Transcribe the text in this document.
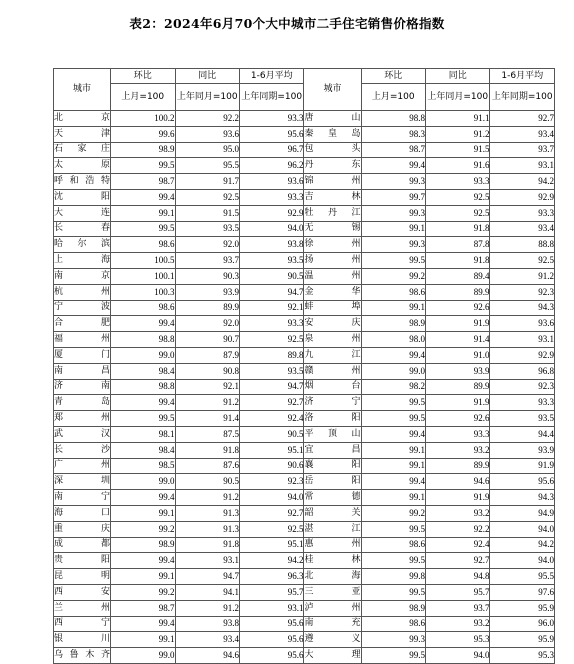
表2：2024年6月70个大中城市二手住宅销售价格指数
城市	环比	同比	1-6月平均	城市	环比	同比	1-6月平均
	上月=100	上年同月=100	上年同期=100		上月=100	上年同月=100	上年同期=100
北　京	100.2	92.2	93.3	唐　山	98.8	91.1	92.7
天　津	99.6	93.6	95.6	秦皇岛	98.3	91.2	93.4
石家庄	98.9	95.0	96.7	包　头	98.7	91.5	93.7
太　原	99.5	95.5	96.2	丹　东	99.4	91.6	93.1
呼和浩特	98.7	91.7	93.6	锦　州	99.3	93.3	94.2
沈　阳	99.4	92.5	93.3	吉　林	99.7	92.5	92.9
大　连	99.1	91.5	92.9	牡丹江	99.3	92.5	93.3
长　春	99.5	93.5	94.0	无　锡	99.1	91.8	93.4
哈尔滨	98.6	92.0	93.8	徐　州	99.3	87.8	88.8
上　海	100.5	93.7	93.5	扬　州	99.5	91.8	92.5
南　京	100.1	90.3	90.5	温　州	99.2	89.4	91.2
杭　州	100.3	93.9	94.7	金　华	98.6	89.9	92.3
宁　波	98.6	89.9	92.1	蚌　埠	99.1	92.6	94.3
合　肥	99.4	92.0	93.3	安　庆	98.9	91.9	93.6
福　州	98.8	90.7	92.5	泉　州	98.0	91.4	93.1
厦　门	99.0	87.9	89.8	九　江	99.4	91.0	92.9
南　昌	98.4	90.8	93.5	赣　州	99.0	93.9	96.8
济　南	98.8	92.1	94.7	烟　台	98.2	89.9	92.3
青　岛	99.4	91.2	92.7	济　宁	99.5	91.9	93.3
郑　州	99.5	91.4	92.4	洛　阳	99.5	92.6	93.5
武　汉	98.1	87.5	90.5	平顶山	99.4	93.3	94.4
长　沙	98.4	91.8	95.1	宜　昌	99.1	93.2	93.9
广　州	98.5	87.6	90.6	襄　阳	99.1	89.9	91.9
深　圳	99.0	90.5	92.3	岳　阳	99.4	94.6	95.6
南　宁	99.4	91.2	94.0	常　德	99.1	91.9	94.3
海　口	99.1	91.3	92.7	韶　关	99.2	93.2	94.9
重　庆	99.2	91.3	92.5	湛　江	99.5	92.2	94.0
成　都	98.9	91.8	95.1	惠　州	98.6	92.4	94.2
贵　阳	99.4	93.1	94.2	桂　林	99.5	92.7	94.0
昆　明	99.1	94.7	96.3	北　海	99.8	94.8	95.5
西　安	99.2	94.1	95.7	三　亚	99.5	95.7	97.6
兰　州	98.7	91.2	93.1	泸　州	98.9	93.7	95.9
西　宁	99.4	93.8	95.6	南　充	98.6	93.2	96.0
银　川	99.1	93.4	95.6	遵　义	99.3	95.3	95.9
乌鲁木齐	99.0	94.6	95.6	大　理	99.5	94.0	95.3
